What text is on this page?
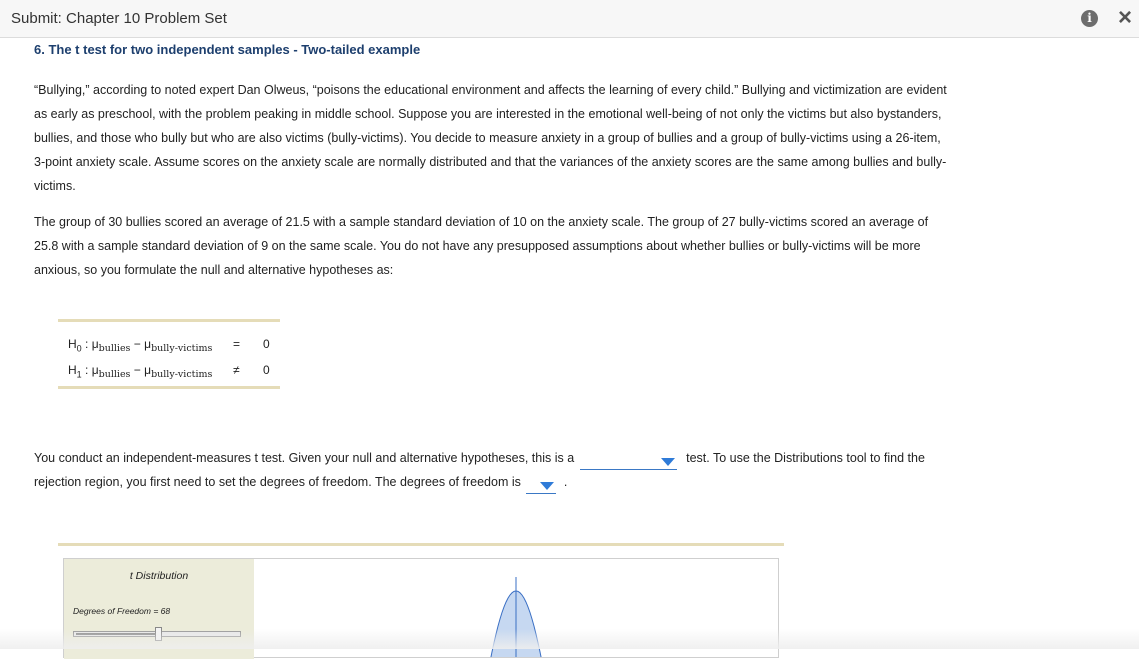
Submit: Chapter 10 Problem Set	i ×
6. The t test for two independent samples - Two-tailed example
“Bullying,” according to noted expert Dan Olweus, “poisons the educational environment and affects the learning of every child.” Bullying and victimization are evident as early as preschool, with the problem peaking in middle school. Suppose you are interested in the emotional well-being of not only the victims but also bystanders, bullies, and those who bully but who are also victims (bully-victims). You decide to measure anxiety in a group of bullies and a group of bully-victims using a 26-item, 3-point anxiety scale. Assume scores on the anxiety scale are normally distributed and that the variances of the anxiety scores are the same among bullies and bully-victims.
The group of 30 bullies scored an average of 21.5 with a sample standard deviation of 10 on the anxiety scale. The group of 27 bully-victims scored an average of 25.8 with a sample standard deviation of 9 on the same scale. You do not have any presupposed assumptions about whether bullies or bully-victims will be more anxious, so you formulate the null and alternative hypotheses as:
$H_0$ : $\mu_{bullies} - \mu_{bully-victims} = 0$
$H_1$ : $\mu_{bullies} - \mu_{bully-victims} \ne 0$
You conduct an independent-measures t test. Given your null and alternative hypotheses, this is a	test. To use the Distributions tool to find the rejection region, you first need to set the degrees of freedom. The degrees of freedom is	.
t Distribution
Degrees of Freedom = 68
